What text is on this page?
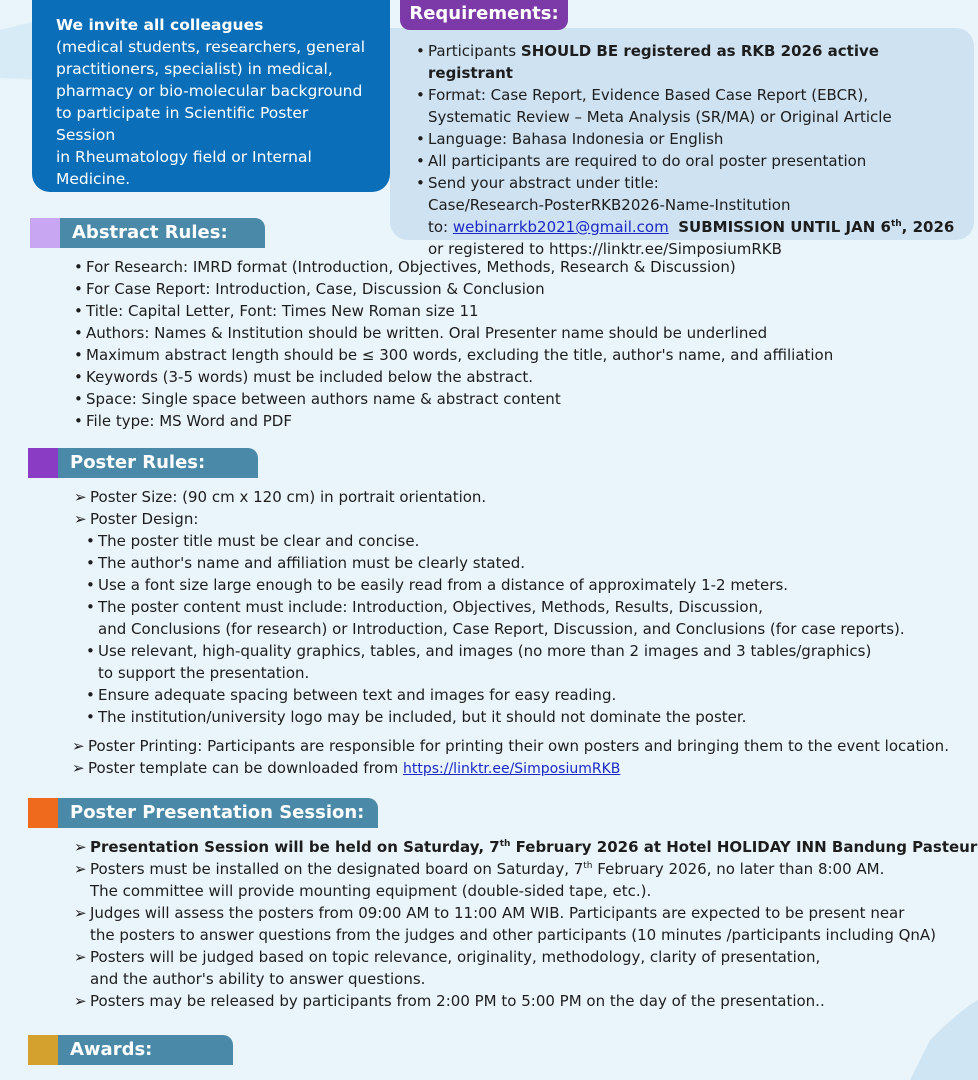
We invite all colleagues
(medical students, researchers, general
practitioners, specialist) in medical,
pharmacy or bio-molecular background
to participate in Scientific Poster Session
in Rheumatology field or Internal
Medicine.
Requirements:
• Participants SHOULD BE registered as RKB 2026 active registrant
• Format: Case Report, Evidence Based Case Report (EBCR),
Systematic Review – Meta Analysis (SR/MA) or Original Article
• Language: Bahasa Indonesia or English
• All participants are required to do oral poster presentation
• Send your abstract under title:
Case/Research-PosterRKB2026-Name-Institution
to: webinarrkb2021@gmail.com SUBMISSION UNTIL JAN 6th, 2026
or registered to https://linktr.ee/SimposiumRKB
Abstract Rules:
• For Research: IMRD format (Introduction, Objectives, Methods, Research & Discussion)
• For Case Report: Introduction, Case, Discussion & Conclusion
• Title: Capital Letter, Font: Times New Roman size 11
• Authors: Names & Institution should be written. Oral Presenter name should be underlined
• Maximum abstract length should be ≤ 300 words, excluding the title, author's name, and affiliation
• Keywords (3-5 words) must be included below the abstract.
• Space: Single space between authors name & abstract content
• File type: MS Word and PDF
Poster Rules:
➢ Poster Size: (90 cm x 120 cm) in portrait orientation.
➢ Poster Design:
• The poster title must be clear and concise.
• The author's name and affiliation must be clearly stated.
• Use a font size large enough to be easily read from a distance of approximately 1-2 meters.
• The poster content must include: Introduction, Objectives, Methods, Results, Discussion,
and Conclusions (for research) or Introduction, Case Report, Discussion, and Conclusions (for case reports).
• Use relevant, high-quality graphics, tables, and images (no more than 2 images and 3 tables/graphics)
to support the presentation.
• Ensure adequate spacing between text and images for easy reading.
• The institution/university logo may be included, but it should not dominate the poster.
➢ Poster Printing: Participants are responsible for printing their own posters and bringing them to the event location.
➢ Poster template can be downloaded from https://linktr.ee/SimposiumRKB
Poster Presentation Session:
➢ Presentation Session will be held on Saturday, 7th February 2026 at Hotel HOLIDAY INN Bandung Pasteur
➢ Posters must be installed on the designated board on Saturday, 7th February 2026, no later than 8:00 AM.
The committee will provide mounting equipment (double-sided tape, etc.).
➢ Judges will assess the posters from 09:00 AM to 11:00 AM WIB. Participants are expected to be present near
the posters to answer questions from the judges and other participants (10 minutes /participants including QnA)
➢ Posters will be judged based on topic relevance, originality, methodology, clarity of presentation,
and the author's ability to answer questions.
➢ Posters may be released by participants from 2:00 PM to 5:00 PM on the day of the presentation..
Awards:
